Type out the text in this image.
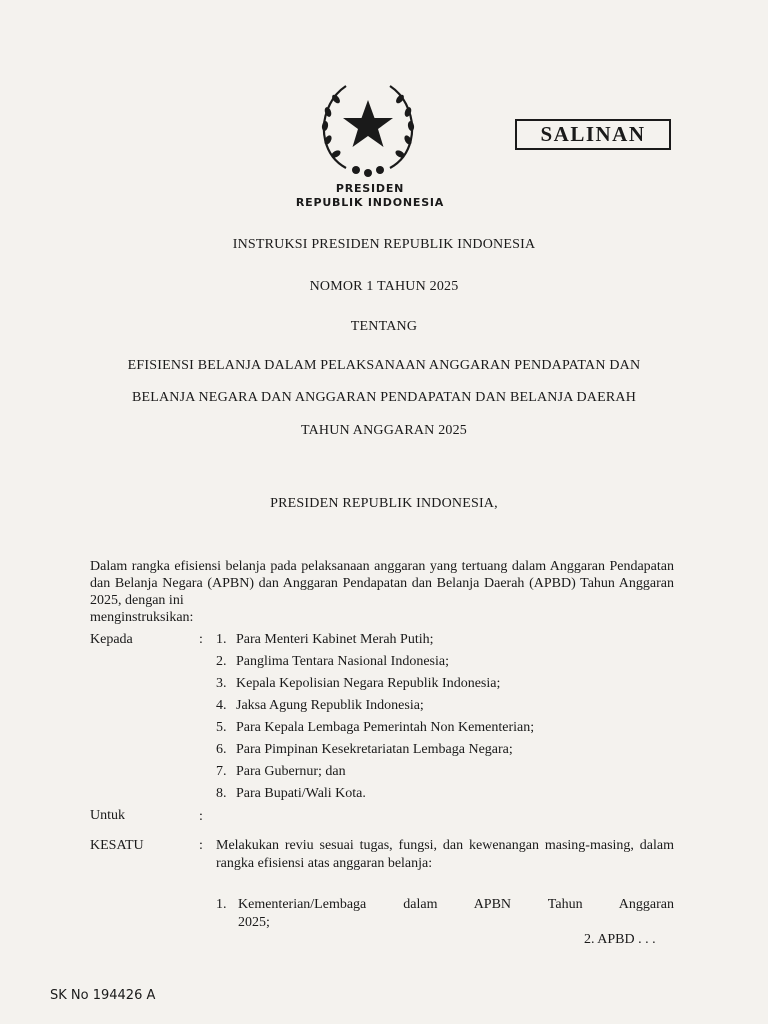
SALINAN
PRESIDEN
REPUBLIK INDONESIA
INSTRUKSI PRESIDEN REPUBLIK INDONESIA
NOMOR 1 TAHUN 2025
TENTANG
EFISIENSI BELANJA DALAM PELAKSANAAN ANGGARAN PENDAPATAN DAN
BELANJA NEGARA DAN ANGGARAN PENDAPATAN DAN BELANJA DAERAH
TAHUN ANGGARAN 2025
PRESIDEN REPUBLIK INDONESIA,
Dalam rangka efisiensi belanja pada pelaksanaan anggaran yang tertuang dalam Anggaran Pendapatan dan Belanja Negara (APBN) dan Anggaran Pendapatan dan Belanja Daerah (APBD) Tahun Anggaran 2025, dengan ini
menginstruksikan:
Kepada	: 1. Para Menteri Kabinet Merah Putih;
2. Panglima Tentara Nasional Indonesia;
3. Kepala Kepolisian Negara Republik Indonesia;
4. Jaksa Agung Republik Indonesia;
5. Para Kepala Lembaga Pemerintah Non Kementerian;
6. Para Pimpinan Kesekretariatan Lembaga Negara;
7. Para Gubernur; dan
8. Para Bupati/Wali Kota.
Untuk	:
KESATU	: Melakukan reviu sesuai tugas, fungsi, dan kewenangan masing-masing, dalam rangka efisiensi atas anggaran belanja:
1. Kementerian/Lembaga dalam APBN Tahun Anggaran
2025;
2. APBD . . .
SK No 194426 A
